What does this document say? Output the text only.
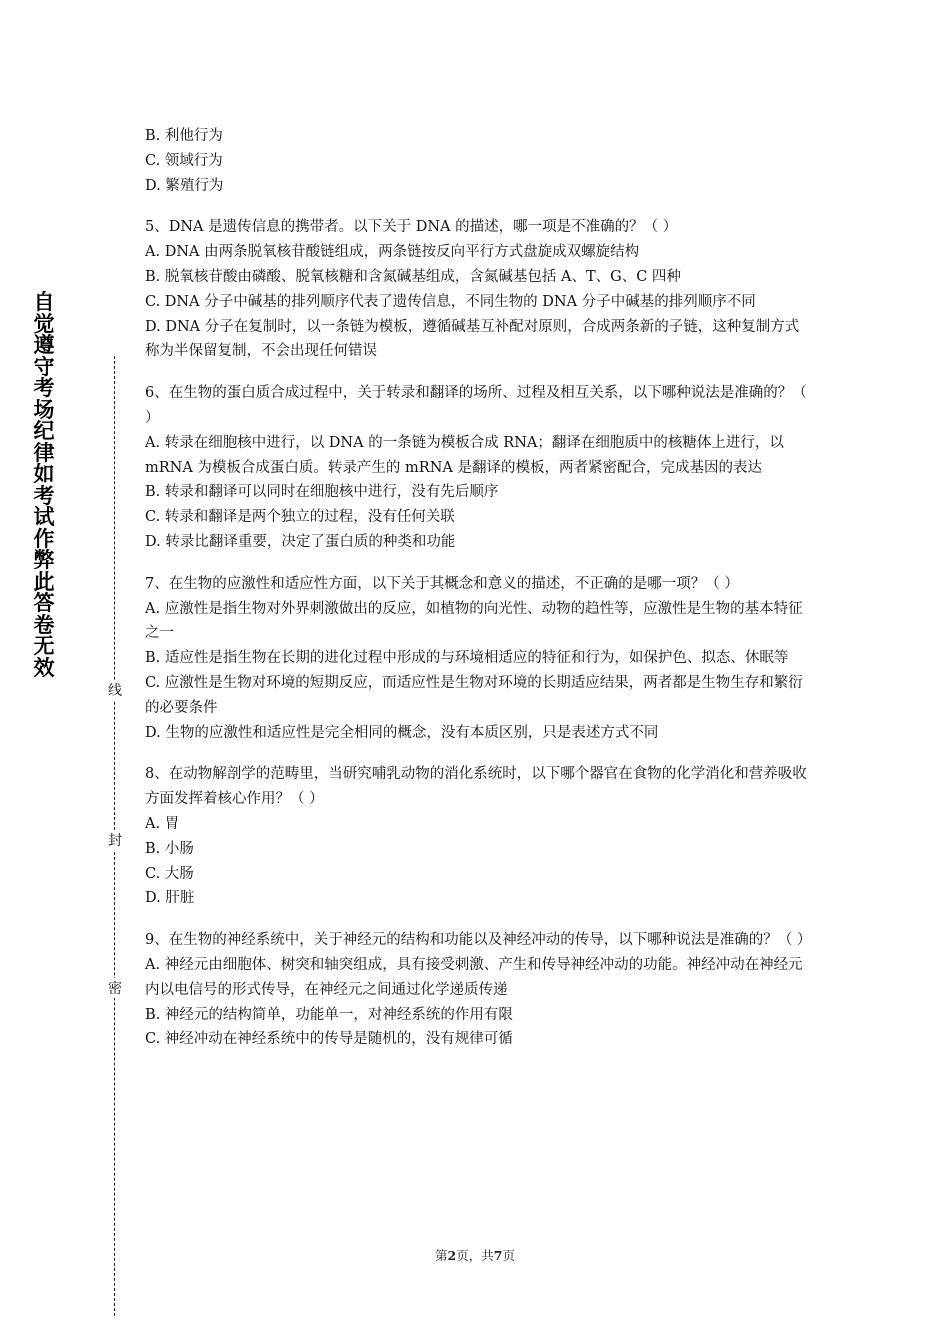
自
觉
遵
守
考
场
纪
律
如
考
试
作
弊
此
答
卷
无
效
线
封
密

B. 利他行为

C. 领域行为

D. 繁殖行为

5、DNA 是遗传信息的携带者。以下关于 DNA 的描述，哪一项是不准确的？（ ）

A. DNA 由两条脱氧核苷酸链组成，两条链按反向平行方式盘旋成双螺旋结构

B. 脱氧核苷酸由磷酸、脱氧核糖和含氮碱基组成，含氮碱基包括 A、T、G、C 四种

C. DNA 分子中碱基的排列顺序代表了遗传信息，不同生物的 DNA 分子中碱基的排列顺序不同

D. DNA 分子在复制时，以一条链为模板，遵循碱基互补配对原则，合成两条新的子链，这种复制方式称为半保留复制，不会出现任何错误

6、在生物的蛋白质合成过程中，关于转录和翻译的场所、过程及相互关系，以下哪种说法是准确的？（ ）

A. 转录在细胞核中进行，以 DNA 的一条链为模板合成 RNA；翻译在细胞质中的核糖体上进行，以 mRNA 为模板合成蛋白质。转录产生的 mRNA 是翻译的模板，两者紧密配合，完成基因的表达

B. 转录和翻译可以同时在细胞核中进行，没有先后顺序

C. 转录和翻译是两个独立的过程，没有任何关联

D. 转录比翻译重要，决定了蛋白质的种类和功能

7、在生物的应激性和适应性方面，以下关于其概念和意义的描述，不正确的是哪一项？（ ）

A. 应激性是指生物对外界刺激做出的反应，如植物的向光性、动物的趋性等，应激性是生物的基本特征之一

B. 适应性是指生物在长期的进化过程中形成的与环境相适应的特征和行为，如保护色、拟态、休眠等

C. 应激性是生物对环境的短期反应，而适应性是生物对环境的长期适应结果，两者都是生物生存和繁衍的必要条件

D. 生物的应激性和适应性是完全相同的概念，没有本质区别，只是表述方式不同

8、在动物解剖学的范畴里，当研究哺乳动物的消化系统时，以下哪个器官在食物的化学消化和营养吸收方面发挥着核心作用？（ ）

A. 胃

B. 小肠

C. 大肠

D. 肝脏

9、在生物的神经系统中，关于神经元的结构和功能以及神经冲动的传导，以下哪种说法是准确的？（ ）

A. 神经元由细胞体、树突和轴突组成，具有接受刺激、产生和传导神经冲动的功能。神经冲动在神经元内以电信号的形式传导，在神经元之间通过化学递质传递

B. 神经元的结构简单，功能单一，对神经系统的作用有限

C. 神经冲动在神经系统中的传导是随机的，没有规律可循

第2页，共7页
